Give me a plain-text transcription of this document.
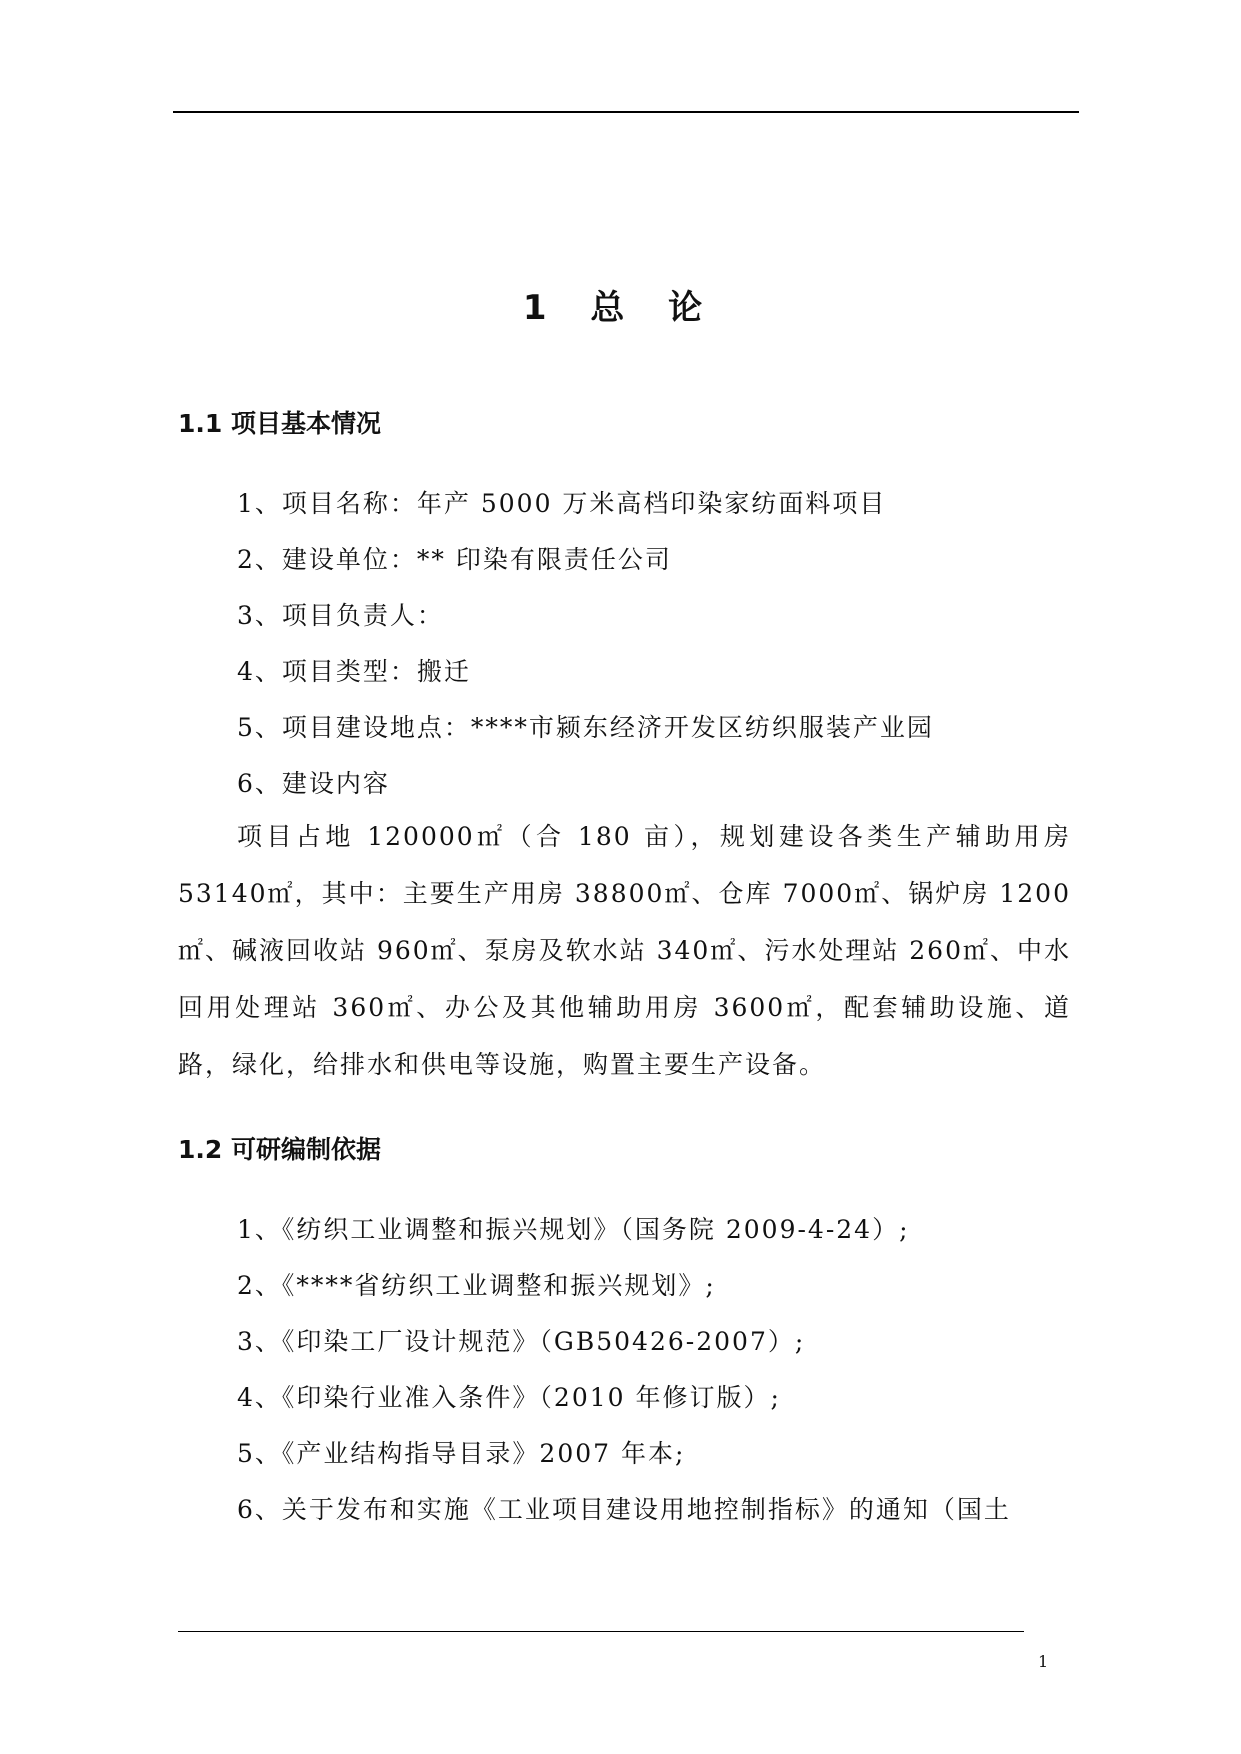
1 总 论
1.1 项目基本情况
1、项目名称：年产 5000 万米高档印染家纺面料项目
2、建设单位：** 印染有限责任公司
3、项目负责人：
4、项目类型：搬迁
5、项目建设地点：****市颍东经济开发区纺织服装产业园
6、建设内容
项目占地 120000㎡（合 180 亩），规划建设各类生产辅助用房 53140㎡，其中：主要生产用房 38800㎡、仓库 7000㎡、锅炉房 1200㎡、碱液回收站 960㎡、泵房及软水站 340㎡、污水处理站 260㎡、中水回用处理站 360㎡、办公及其他辅助用房 3600㎡，配套辅助设施、道路，绿化，给排水和供电等设施，购置主要生产设备。
1.2 可研编制依据
1、《纺织工业调整和振兴规划》（国务院 2009-4-24）;
2、《****省纺织工业调整和振兴规划》;
3、《印染工厂设计规范》（GB50426-2007）;
4、《印染行业准入条件》（2010 年修订版）;
5、《产业结构指导目录》2007 年本;
6、关于发布和实施《工业项目建设用地控制指标》的通知（国土
1
